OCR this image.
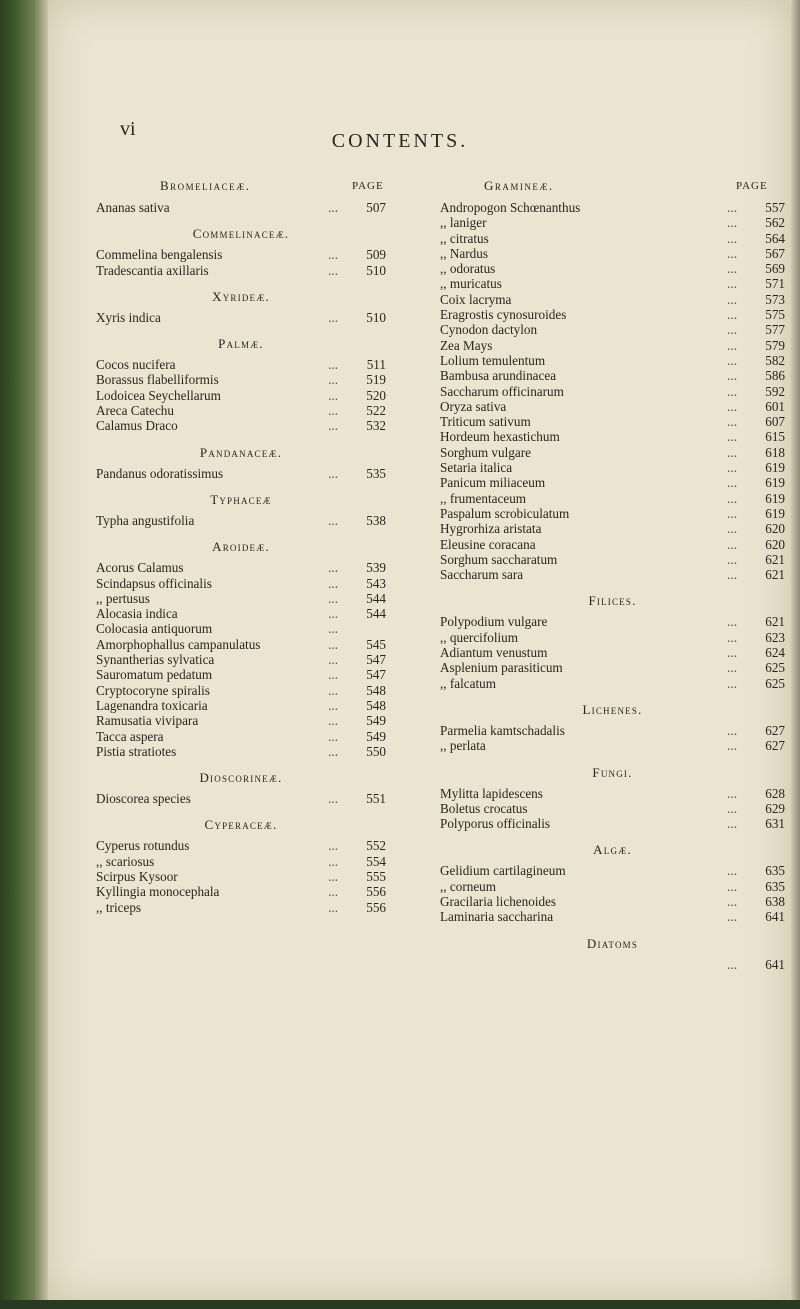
vi
CONTENTS.
Bromeliaceæ.	PAGE	Gramineæ.	PAGE
Ananas sativa	... 507
Commelinaceæ.
Commelina bengalensis	... 509
Tradescantia axillaris	... 510
Xyrideæ.
Xyris indica	... 510
Palmæ.
Cocos nucifera	... 511
Borassus flabelliformis	... 519
Lodoicea Seychellarum	... 520
Areca Catechu	... 522
Calamus Draco	... 532
Pandanaceæ.
Pandanus odoratissimus	... 535
Typhaceæ
Typha angustifolia	... 538
Aroideæ.
Acorus Calamus	... 539
Scindapsus officinalis	... 543
,, pertusus	... 544
Alocasia indica	... 544
Colocasia antiquorum	...
Amorphophallus campanulatus	... 545
Synantherias sylvatica	... 547
Sauromatum pedatum	... 547
Cryptocoryne spiralis	... 548
Lagenandra toxicaria	... 548
Ramusatia vivipara	... 549
Tacca aspera	... 549
Pistia stratiotes	... 550
Dioscorineæ.
Dioscorea species	... 551
Cyperaceæ.
Cyperus rotundus	... 552
,, scariosus	... 554
Scirpus Kysoor	... 555
Kyllingia monocephala	... 556
,, triceps	... 556
Andropogon Schœnanthus	... 557
,, laniger	... 562
,, citratus	... 564
,, Nardus	... 567
,, odoratus	... 569
,, muricatus	... 571
Coix lacryma	... 573
Eragrostis cynosuroides	... 575
Cynodon dactylon	... 577
Zea Mays	... 579
Lolium temulentum	... 582
Bambusa arundinacea	... 586
Saccharum officinarum	... 592
Oryza sativa	... 601
Triticum sativum	... 607
Hordeum hexastichum	... 615
Sorghum vulgare	... 618
Setaria italica	... 619
Panicum miliaceum	... 619
,, frumentaceum	... 619
Paspalum scrobiculatum	... 619
Hygrorhiza aristata	... 620
Eleusine coracana	... 620
Sorghum saccharatum	... 621
Saccharum sara	... 621
Filices.
Polypodium vulgare	... 621
,, quercifolium	... 623
Adiantum venustum	... 624
Asplenium parasiticum	... 625
,, falcatum	... 625
Lichenes.
Parmelia kamtschadalis	... 627
,, perlata	... 627
Fungi.
Mylitta lapidescens	... 628
Boletus crocatus	... 629
Polyporus officinalis	... 631
Algæ.
Gelidium cartilagineum	... 635
,, corneum	... 635
Gracilaria lichenoides	... 638
Laminaria saccharina	... 641
Diatoms
... 641
